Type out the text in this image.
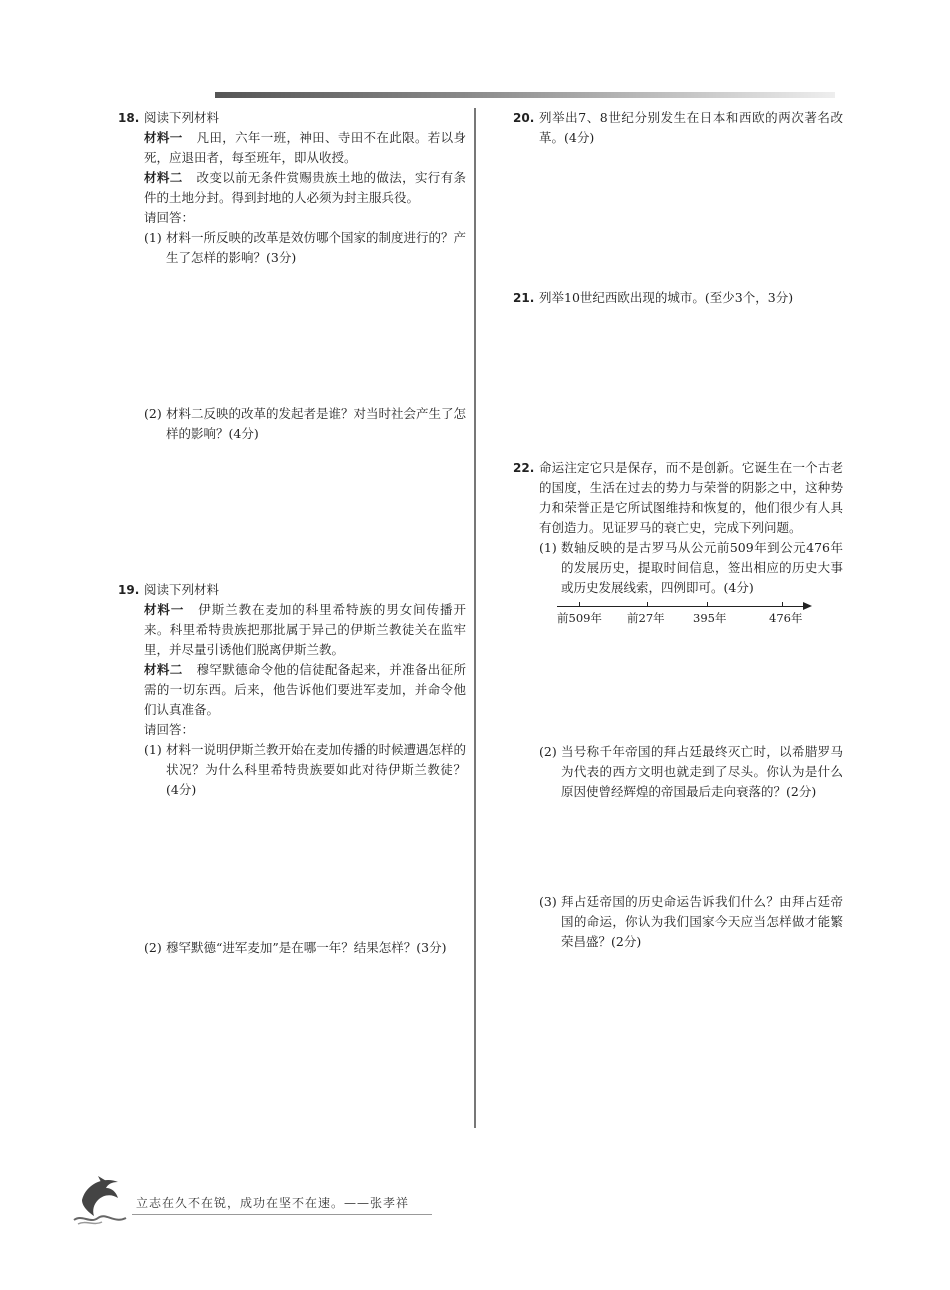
18. 阅读下列材料
材料一 凡田，六年一班，神田、寺田不在此限。若以身死，应退田者，每至班年，即从收授。
材料二 改变以前无条件赏赐贵族土地的做法，实行有条件的土地分封。得到封地的人必须为封主服兵役。
请回答：
(1) 材料一所反映的改革是效仿哪个国家的制度进行的？产生了怎样的影响？(3分)
(2) 材料二反映的改革的发起者是谁？对当时社会产生了怎样的影响？(4分)
19. 阅读下列材料
材料一 伊斯兰教在麦加的科里希特族的男女间传播开来。科里希特贵族把那批属于异己的伊斯兰教徒关在监牢里，并尽量引诱他们脱离伊斯兰教。
材料二 穆罕默德命令他的信徒配备起来，并准备出征所需的一切东西。后来，他告诉他们要进军麦加，并命令他们认真准备。
请回答：
(1) 材料一说明伊斯兰教开始在麦加传播的时候遭遇怎样的状况？为什么科里希特贵族要如此对待伊斯兰教徒？(4分)
(2) 穆罕默德“进军麦加”是在哪一年？结果怎样？(3分)
20. 列举出7、8世纪分别发生在日本和西欧的两次著名改革。(4分)
21. 列举10世纪西欧出现的城市。(至少3个，3分)
22. 命运注定它只是保存，而不是创新。它诞生在一个古老的国度，生活在过去的势力与荣誉的阴影之中，这种势力和荣誉正是它所试图维持和恢复的，他们很少有人具有创造力。见证罗马的衰亡史，完成下列问题。
(1) 数轴反映的是古罗马从公元前509年到公元476年的发展历史，提取时间信息，签出相应的历史大事或历史发展线索，四例即可。(4分)
前509年 前27年 395年	476年
(2) 当号称千年帝国的拜占廷最终灭亡时，以希腊罗马为代表的西方文明也就走到了尽头。你认为是什么原因使曾经辉煌的帝国最后走向衰落的？(2分)
(3) 拜占廷帝国的历史命运告诉我们什么？由拜占廷帝国的命运，你认为我们国家今天应当怎样做才能繁荣昌盛？(2分)
立志在久不在锐，成功在坚不在速。——张孝祥
